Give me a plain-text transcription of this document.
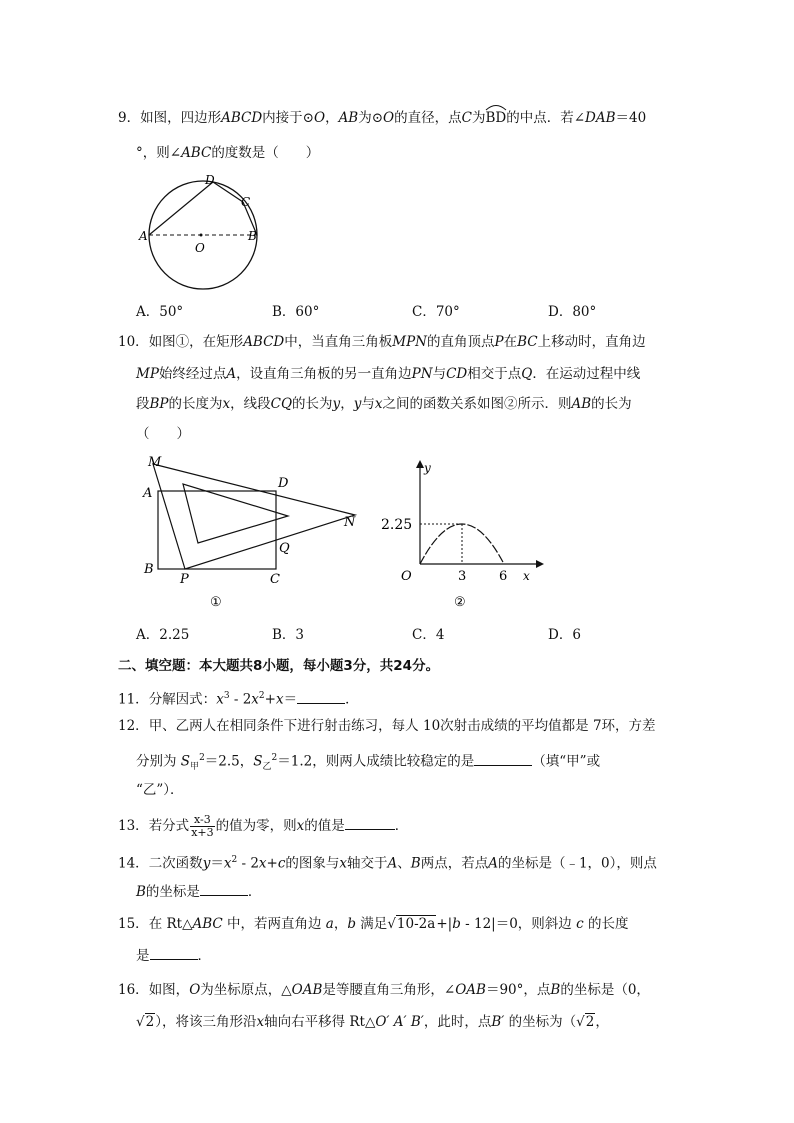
9．如图，四边形ABCD内接于⊙O，AB为⊙O的直径，点C为
BD的中点．若∠DAB＝40
°，则∠ABC的度数是（　　）
D
C
A	B
O
A．50°	B．60°	C．70°	D．80°
10．如图①，在矩形ABCD中，当直角三角板MPN的直角顶点P在BC上移动时，直角边
MP始终经过点A，设直角三角板的另一直角边PN与CD相交于点Q．在运动过程中线
段BP的长度为x，线段CQ的长为y，y与x之间的函数关系如图②所示．则AB的长为
（　　）
M
A
D
N
Q
B
P	C
①
y
2.25
O	3	6 x
②
A．2.25	B．3	C．4	D．6
二、填空题：本大题共8小题，每小题3分，共24分。
11．分解因式：$x^3 - 2x^2+x=$	．
12．甲、乙两人在相同条件下进行射击练习，每人 10次射击成绩的平均值都是 7环，方差
分别为 $S_甲^2=2.5$，$S_乙^2=1.2$，则两人成绩比较稳定的是	（填“甲”或
“乙”）．
13．若分式 $\frac{x-3}{x+3}$ 的值为零，则x的值是	．
14．二次函数$y=x^2 - 2x+c$的图象与x轴交于A、B两点，若点A的坐标是（﹣1，0），则点
B的坐标是	．
15．在 Rt△ABC 中，若两直角边 a，b 满足√10-2a+|b - 12|＝0，则斜边 c 的长度
是	．
16．如图，O为坐标原点，△OAB是等腰直角三角形，∠OAB＝90°，点B的坐标是（0，
√2），将该三角形沿x轴向右平移得 Rt△O′ A′ B′，此时，点B′ 的坐标为（√2，
